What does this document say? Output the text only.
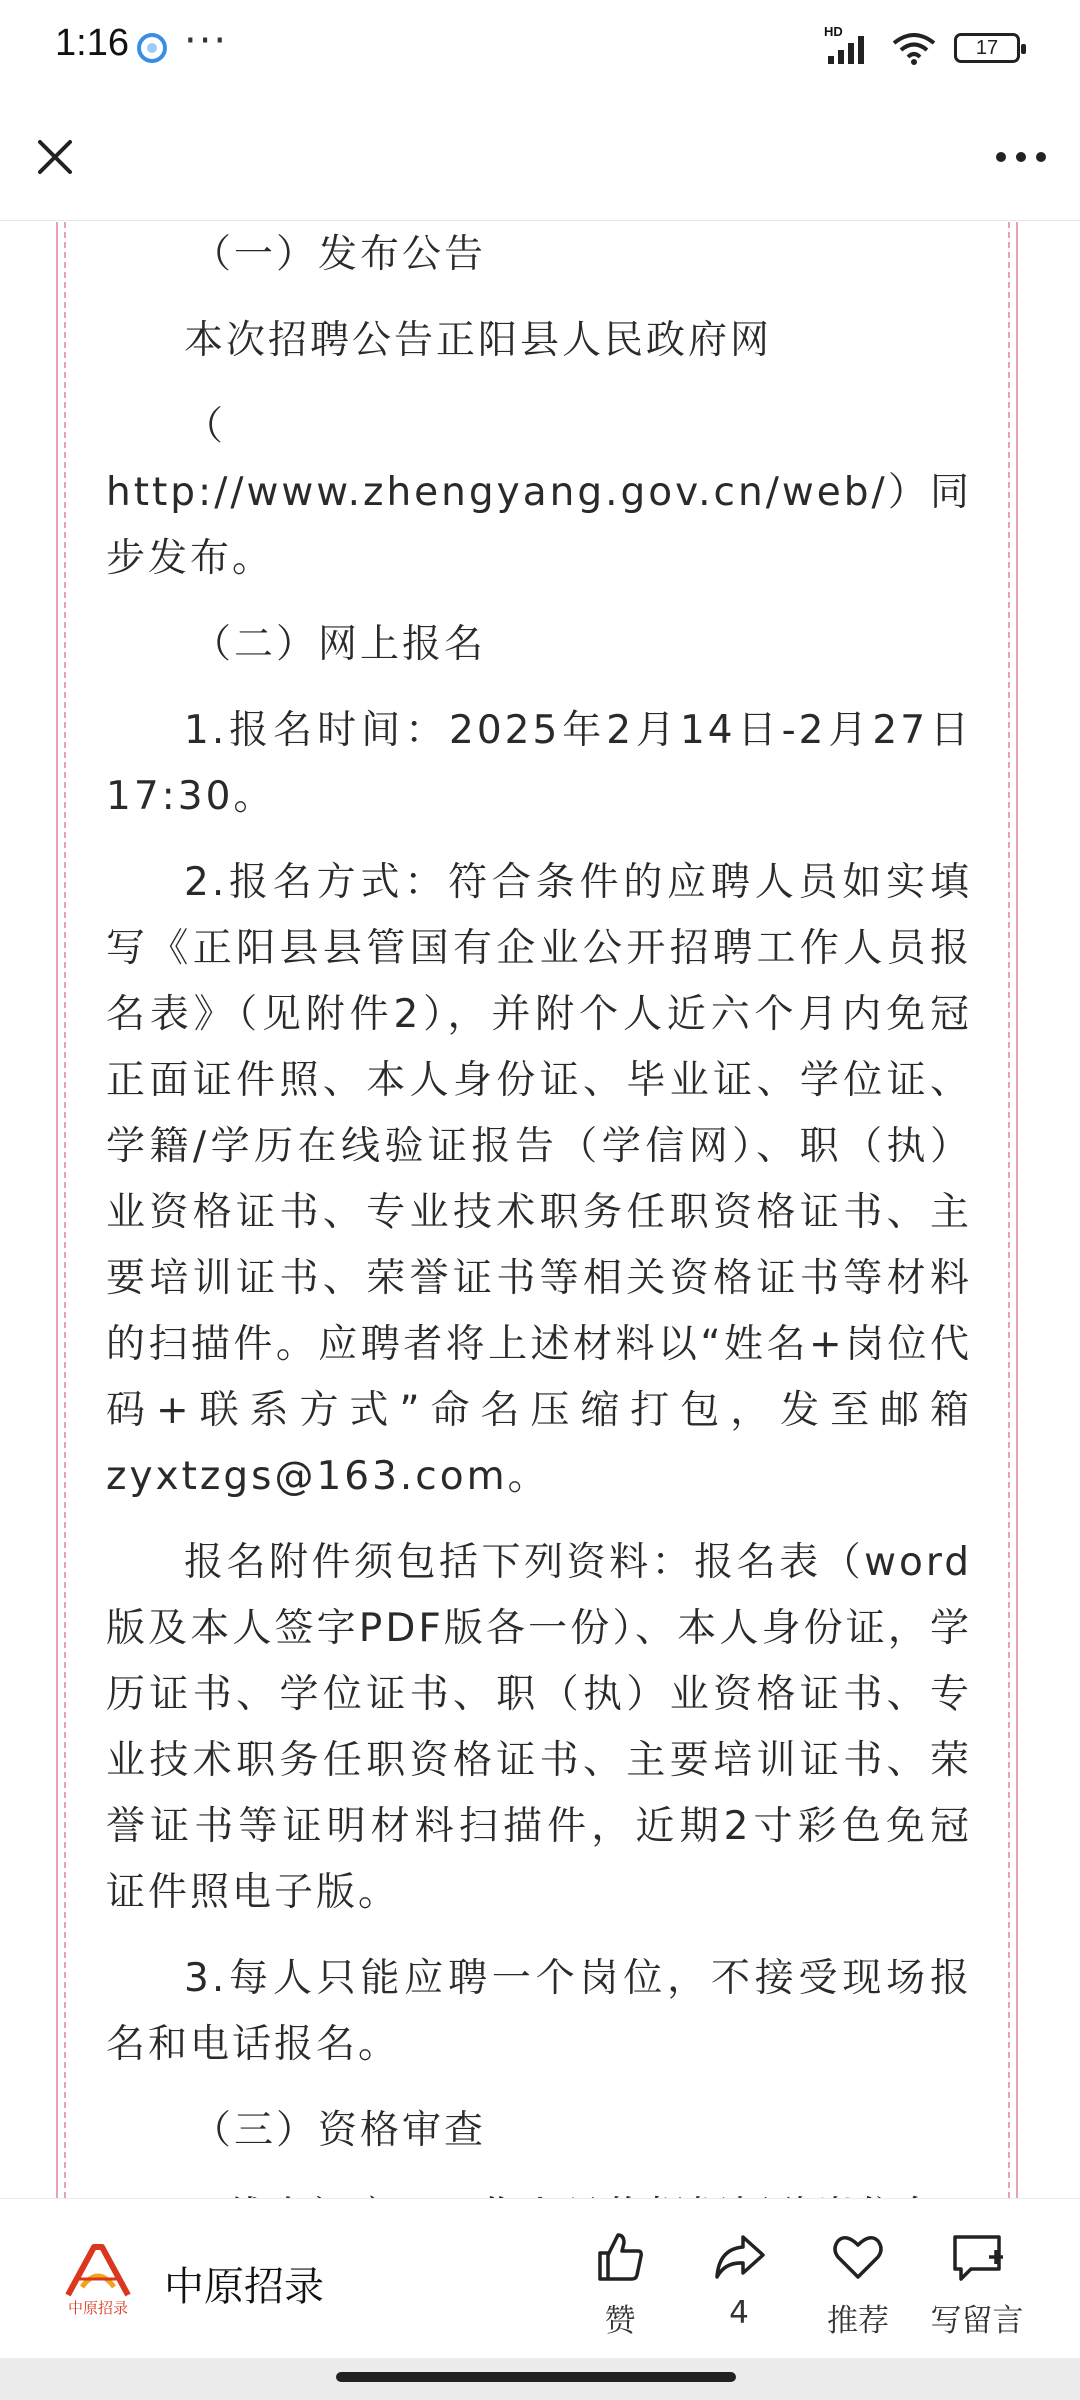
1:16 ···	HD
17

（一）发布公告

本次招聘公告正阳县人民政府网

（ http://www.zhengyang.gov.cn/web/）同步发布。

（二）网上报名

1.报名时间：2025年2月14日-2月27日17:30。

2.报名方式：符合条件的应聘人员如实填写《正阳县县管国有企业公开招聘工作人员报名表》（见附件2），并附个人近六个月内免冠正面证件照、本人身份证、毕业证、学位证、学籍/学历在线验证报告（学信网）、职（执）业资格证书、专业技术职务任职资格证书、主要培训证书、荣誉证书等相关资格证书等材料的扫描件。应聘者将上述材料以“姓名+岗位代码+联系方式”命名压缩打包，发至邮箱zyxtzgs@163.com。

报名附件须包括下列资料：报名表（word版及本人签字PDF版各一份）、本人身份证，学历证书、学位证书、职（执）业资格证书、专业技术职务任职资格证书、主要培训证书、荣誉证书等证明材料扫描件，近期2寸彩色免冠证件照电子版。

3.每人只能应聘一个岗位，不接受现场报名和电话报名。

（三）资格审查

中原招录 中原招录
赞	4	推荐	写留言
